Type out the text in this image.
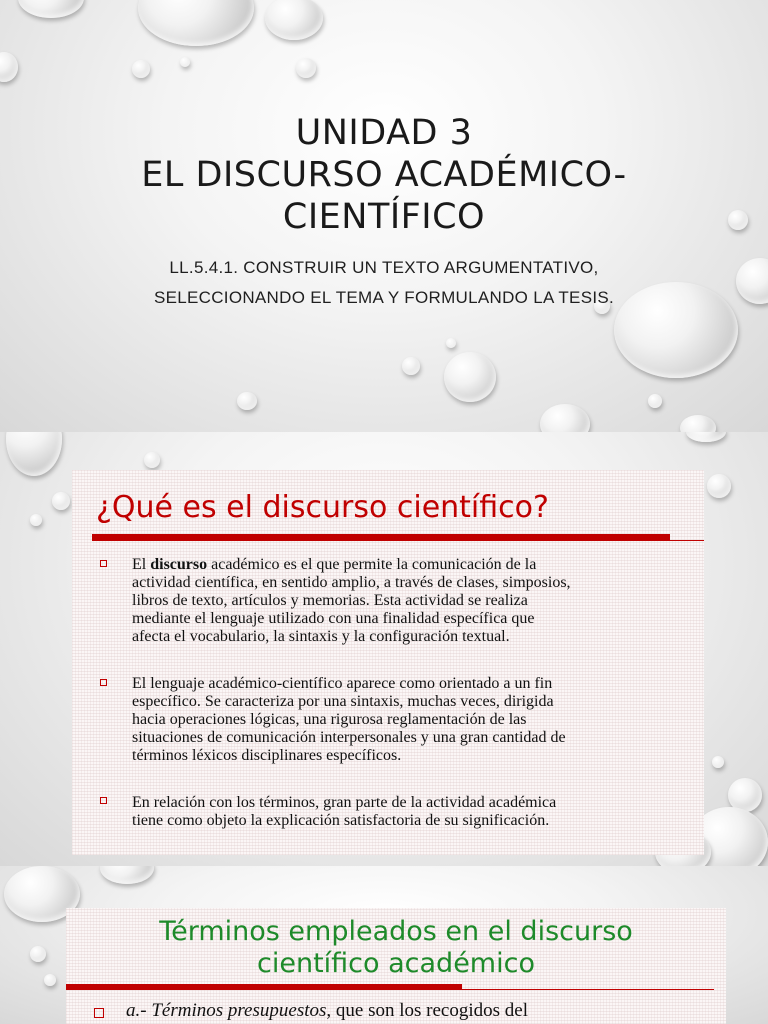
UNIDAD 3
EL DISCURSO ACADÉMICO-
CIENTÍFICO
LL.5.4.1. CONSTRUIR UN TEXTO ARGUMENTATIVO,
SELECCIONANDO EL TEMA Y FORMULANDO LA TESIS.
¿Qué es el discurso científico?
El discurso académico es el que permite la comunicación de la
actividad científica, en sentido amplio, a través de clases, simposios,
libros de texto, artículos y memorias. Esta actividad se realiza
mediante el lenguaje utilizado con una finalidad específica que
afecta el vocabulario, la sintaxis y la configuración textual.
El lenguaje académico-científico aparece como orientado a un fin
específico. Se caracteriza por una sintaxis, muchas veces, dirigida
hacia operaciones lógicas, una rigurosa reglamentación de las
situaciones de comunicación interpersonales y una gran cantidad de
términos léxicos disciplinares específicos.
En relación con los términos, gran parte de la actividad académica
tiene como objeto la explicación satisfactoria de su significación.
Términos empleados en el discurso
científico académico
a.- Términos presupuestos, que son los recogidos del
